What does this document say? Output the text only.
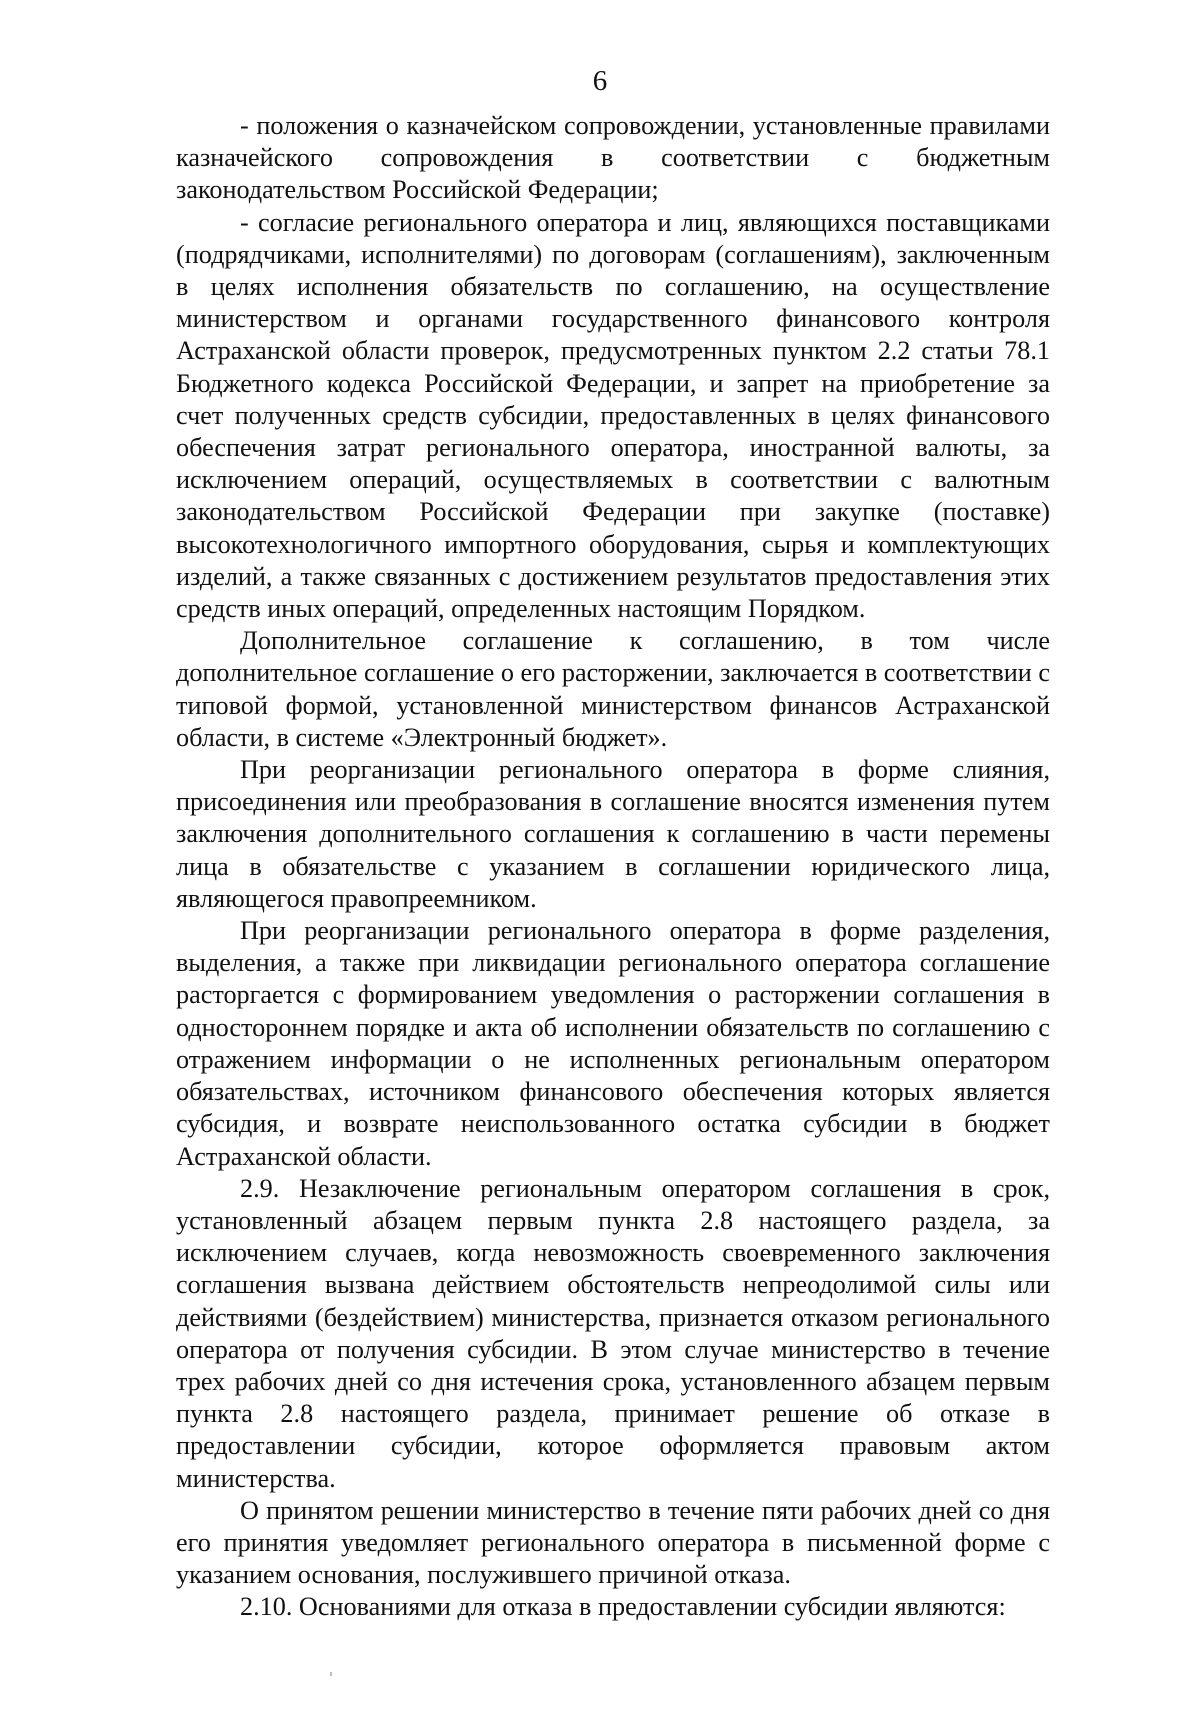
6

- положения о казначейском сопровождении, установленные правилами казначейского сопровождения в соответствии с бюджетным законодательством Российской Федерации;

- согласие регионального оператора и лиц, являющихся поставщиками (подрядчиками, исполнителями) по договорам (соглашениям), заключенным в целях исполнения обязательств по соглашению, на осуществление министерством и органами государственного финансового контроля Астраханской области проверок, предусмотренных пунктом 2.2 статьи 78.1 Бюджетного кодекса Российской Федерации, и запрет на приобретение за счет полученных средств субсидии, предоставленных в целях финансового обеспечения затрат регионального оператора, иностранной валюты, за исключением операций, осуществляемых в соответствии с валютным законодательством Российской Федерации при закупке (поставке) высокотехнологичного импортного оборудования, сырья и комплектующих изделий, а также связанных с достижением результатов предоставления этих средств иных операций, определенных настоящим Порядком.

Дополнительное соглашение к соглашению, в том числе дополнительное соглашение о его расторжении, заключается в соответствии с типовой формой, установленной министерством финансов Астраханской области, в системе «Электронный бюджет».

При реорганизации регионального оператора в форме слияния, присоединения или преобразования в соглашение вносятся изменения путем заключения дополнительного соглашения к соглашению в части перемены лица в обязательстве с указанием в соглашении юридического лица, являющегося правопреемником.

При реорганизации регионального оператора в форме разделения, выделения, а также при ликвидации регионального оператора соглашение расторгается с формированием уведомления о расторжении соглашения в одностороннем порядке и акта об исполнении обязательств по соглашению с отражением информации о не исполненных региональным оператором обязательствах, источником финансового обеспечения которых является субсидия, и возврате неиспользованного остатка субсидии в бюджет Астраханской области.

2.9. Незаключение региональным оператором соглашения в срок, установленный абзацем первым пункта 2.8 настоящего раздела, за исключением случаев, когда невозможность своевременного заключения соглашения вызвана действием обстоятельств непреодолимой силы или действиями (бездействием) министерства, признается отказом регионального оператора от получения субсидии. В этом случае министерство в течение трех рабочих дней со дня истечения срока, установленного абзацем первым пункта 2.8 настоящего раздела, принимает решение об отказе в предоставлении субсидии, которое оформляется правовым актом министерства.

О принятом решении министерство в течение пяти рабочих дней со дня его принятия уведомляет регионального оператора в письменной форме с указанием основания, послужившего причиной отказа.

2.10. Основаниями для отказа в предоставлении субсидии являются:
